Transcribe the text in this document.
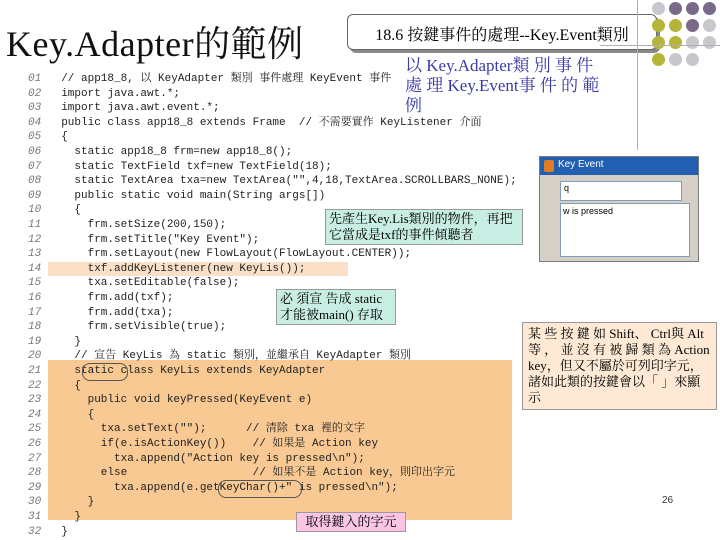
Key.Adapter的範例	18.6 按鍵事件的處理--Key.Event類別
01  // app18_8, 以 KeyAdapter 類別 事件處理 KeyEvent 事件
02  import java.awt.*;
03  import java.awt.event.*;
04  public class app18_8 extends Frame  // 不需要實作 KeyListener 介面
05  {
06    static app18_8 frm=new app18_8();
07    static TextField txf=new TextField(18);
08    static TextArea txa=new TextArea("",4,18,TextArea.SCROLLBARS_NONE);
09    public static void main(String args[])
10    {
11      frm.setSize(200,150);
12      frm.setTitle("Key Event");
13      frm.setLayout(new FlowLayout(FlowLayout.CENTER));
14      txf.addKeyListener(new KeyLis());
15      txa.setEditable(false);
16      frm.add(txf);
17      frm.add(txa);
18      frm.setVisible(true);
19    }
20    // 宣告 KeyLis 為 static 類別，並繼承自 KeyAdapter 類別
21    static class KeyLis extends KeyAdapter
22    {
23      public void keyPressed(KeyEvent e)
24      {
25        txa.setText("");      // 清除 txa 裡的文字
26        if(e.isActionKey())    // 如果是 Action key
27          txa.append("Action key is pressed\n");
28        else                   // 如果不是 Action key，則印出字元
29          txa.append(e.getKeyChar()+" is pressed\n");
30      }
31    }
32  }
以 Key.Adapter類 別 事 件 處 理 Key.Event事 件 的 範 例
Key Event
q
w is pressed
先產生Key.Lis類別的物件，再把它當成是txf的事件傾聽者
必 須宣 告成 static 才能被main() 存取
某 些 按 鍵 如 Shift、 Ctrl與 Alt等 ， 並 沒 有 被 歸 類 為 Action key，但又不屬於可列印字元，諸如此類的按鍵會以「 」來顯示
取得鍵入的字元
26
